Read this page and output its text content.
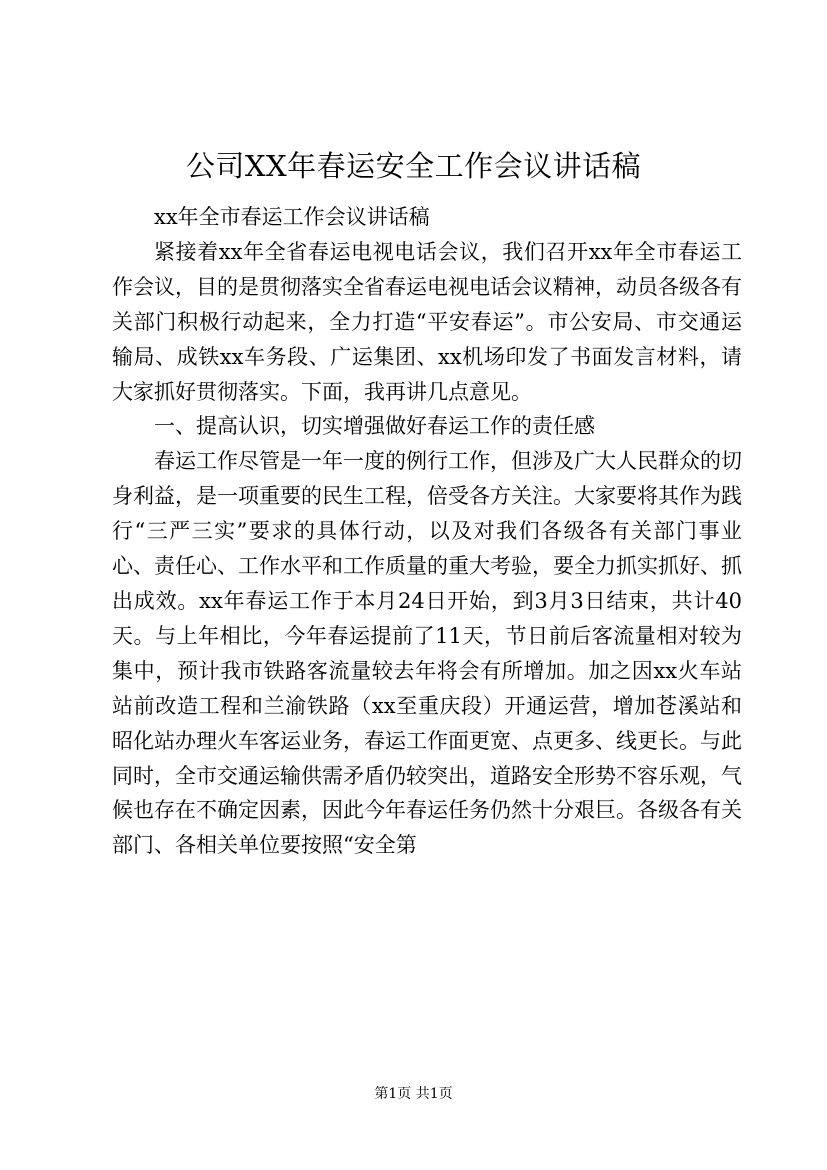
公司XX年春运安全工作会议讲话稿

xx年全市春运工作会议讲话稿

紧接着xx年全省春运电视电话会议，我们召开xx年全市春运工作会议，目的是贯彻落实全省春运电视电话会议精神，动员各级各有关部门积极行动起来，全力打造“平安春运”。市公安局、市交通运输局、成铁xx车务段、广运集团、xx机场印发了书面发言材料，请大家抓好贯彻落实。下面，我再讲几点意见。

一、提高认识，切实增强做好春运工作的责任感

春运工作尽管是一年一度的例行工作，但涉及广大人民群众的切身利益，是一项重要的民生工程，倍受各方关注。大家要将其作为践行“三严三实”要求的具体行动，以及对我们各级各有关部门事业心、责任心、工作水平和工作质量的重大考验，要全力抓实抓好、抓出成效。xx年春运工作于本月24日开始，到3月3日结束，共计40天。与上年相比，今年春运提前了11天，节日前后客流量相对较为集中，预计我市铁路客流量较去年将会有所增加。加之因xx火车站站前改造工程和兰渝铁路（xx至重庆段）开通运营，增加苍溪站和昭化站办理火车客运业务，春运工作面更宽、点更多、线更长。与此同时，全市交通运输供需矛盾仍较突出，道路安全形势不容乐观，气候也存在不确定因素，因此今年春运任务仍然十分艰巨。各级各有关部门、各相关单位要按照“安全第

第1页 共1页
